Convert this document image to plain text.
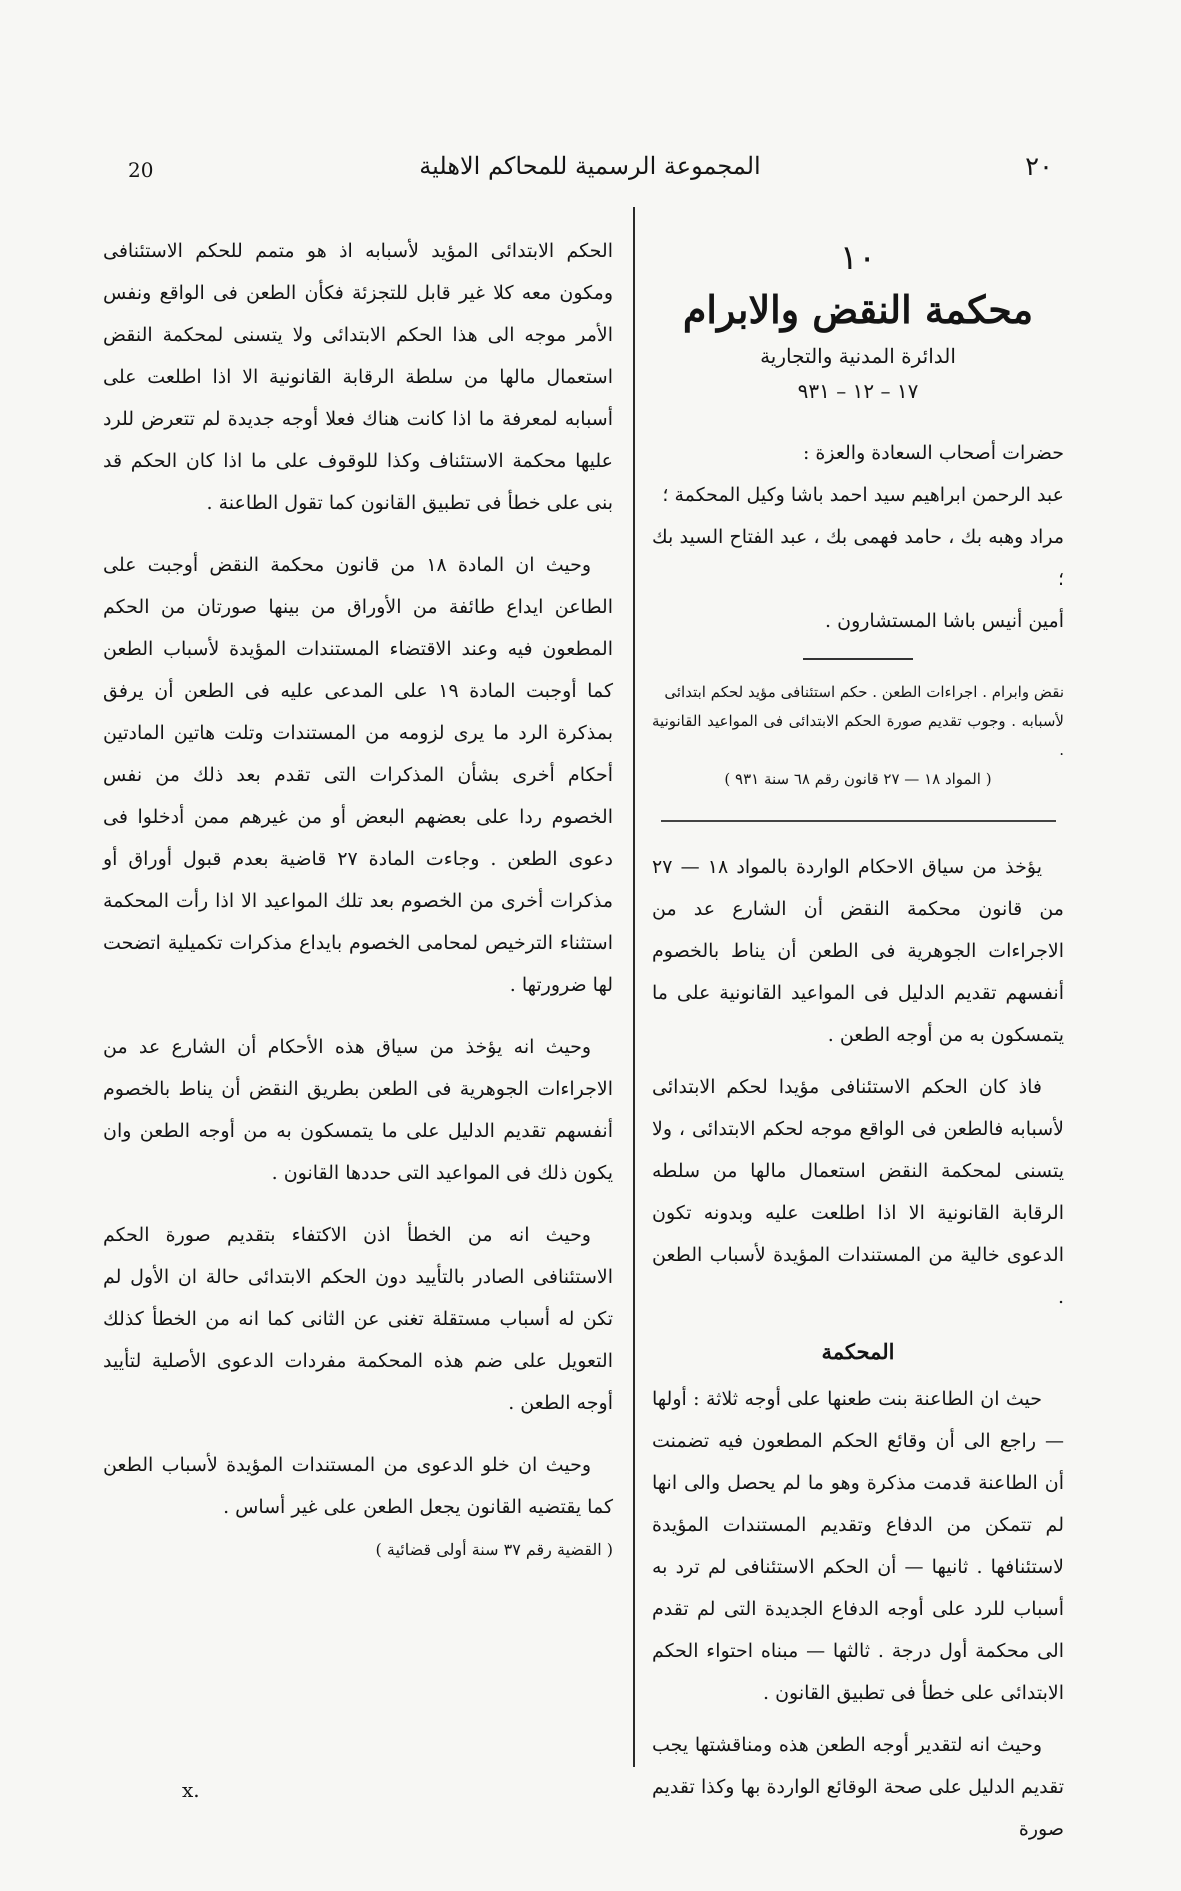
20	المجموعة الرسمية للمحاكم الاهلية	٢٠
١٠
محكمة النقض والابرام
الدائرة المدنية والتجارية
١٧ – ١٢ – ٩٣١
حضرات أصحاب السعادة والعزة :
عبد الرحمن ابراهيم سيد احمد باشا وكيل المحكمة ؛
مراد وهبه بك ، حامد فهمى بك ، عبد الفتاح السيد بك ؛
أمين أنيس باشا المستشارون .
نقض وابرام . اجراءات الطعن . حكم استئنافى مؤيد لحكم ابتدائى
لأسبابه . وجوب تقديم صورة الحكم الابتدائى فى المواعيد القانونية .
( المواد ١٨ — ٢٧ قانون رقم ٦٨ سنة ٩٣١ )

يؤخذ من سياق الاحكام الواردة بالمواد ١٨ — ٢٧ من قانون محكمة النقض أن الشارع عد من الاجراءات الجوهرية فى الطعن أن يناط بالخصوم أنفسهم تقديم الدليل فى المواعيد القانونية على ما يتمسكون به من أوجه الطعن .

فاذ كان الحكم الاستئنافى مؤيدا لحكم الابتدائى لأسبابه فالطعن فى الواقع موجه لحكم الابتدائى ، ولا يتسنى لمحكمة النقض استعمال مالها من سلطه الرقابة القانونية الا اذا اطلعت عليه وبدونه تكون الدعوى خالية من المستندات المؤيدة لأسباب الطعن .

المحكمة

حيث ان الطاعنة بنت طعنها على أوجه ثلاثة : أولها — راجع الى أن وقائع الحكم المطعون فيه تضمنت أن الطاعنة قدمت مذكرة وهو ما لم يحصل والى انها لم تتمكن من الدفاع وتقديم المستندات المؤيدة لاستئنافها . ثانيها — أن الحكم الاستئنافى لم ترد به أسباب للرد على أوجه الدفاع الجديدة التى لم تقدم الى محكمة أول درجة . ثالثها — مبناه احتواء الحكم الابتدائى على خطأ فى تطبيق القانون .

وحيث انه لتقدير أوجه الطعن هذه ومناقشتها يجب تقديم الدليل على صحة الوقائع الواردة بها وكذا تقديم صورة

الحكم الابتدائى المؤيد لأسبابه اذ هو متمم للحكم الاستئنافى ومكون معه كلا غير قابل للتجزئة فكأن الطعن فى الواقع ونفس الأمر موجه الى هذا الحكم الابتدائى ولا يتسنى لمحكمة النقض استعمال مالها من سلطة الرقابة القانونية الا اذا اطلعت على أسبابه لمعرفة ما اذا كانت هناك فعلا أوجه جديدة لم تتعرض للرد عليها محكمة الاستئناف وكذا للوقوف على ما اذا كان الحكم قد بنى على خطأ فى تطبيق القانون كما تقول الطاعنة .

وحيث ان المادة ١٨ من قانون محكمة النقض أوجبت على الطاعن ايداع طائفة من الأوراق من بينها صورتان من الحكم المطعون فيه وعند الاقتضاء المستندات المؤيدة لأسباب الطعن كما أوجبت المادة ١٩ على المدعى عليه فى الطعن أن يرفق بمذكرة الرد ما يرى لزومه من المستندات وتلت هاتين المادتين أحكام أخرى بشأن المذكرات التى تقدم بعد ذلك من نفس الخصوم ردا على بعضهم البعض أو من غيرهم ممن أدخلوا فى دعوى الطعن . وجاءت المادة ٢٧ قاضية بعدم قبول أوراق أو مذكرات أخرى من الخصوم بعد تلك المواعيد الا اذا رأت المحكمة استثناء الترخيص لمحامى الخصوم بايداع مذكرات تكميلية اتضحت لها ضرورتها .

وحيث انه يؤخذ من سياق هذه الأحكام أن الشارع عد من الاجراءات الجوهرية فى الطعن بطريق النقض أن يناط بالخصوم أنفسهم تقديم الدليل على ما يتمسكون به من أوجه الطعن وان يكون ذلك فى المواعيد التى حددها القانون .

وحيث انه من الخطأ اذن الاكتفاء بتقديم صورة الحكم الاستئنافى الصادر بالتأييد دون الحكم الابتدائى حالة ان الأول لم تكن له أسباب مستقلة تغنى عن الثانى كما انه من الخطأ كذلك التعويل على ضم هذه المحكمة مفردات الدعوى الأصلية لتأييد أوجه الطعن .

وحيث ان خلو الدعوى من المستندات المؤيدة لأسباب الطعن كما يقتضيه القانون يجعل الطعن على غير أساس .

( القضية رقم ٣٧ سنة أولى قضائية )
x.
